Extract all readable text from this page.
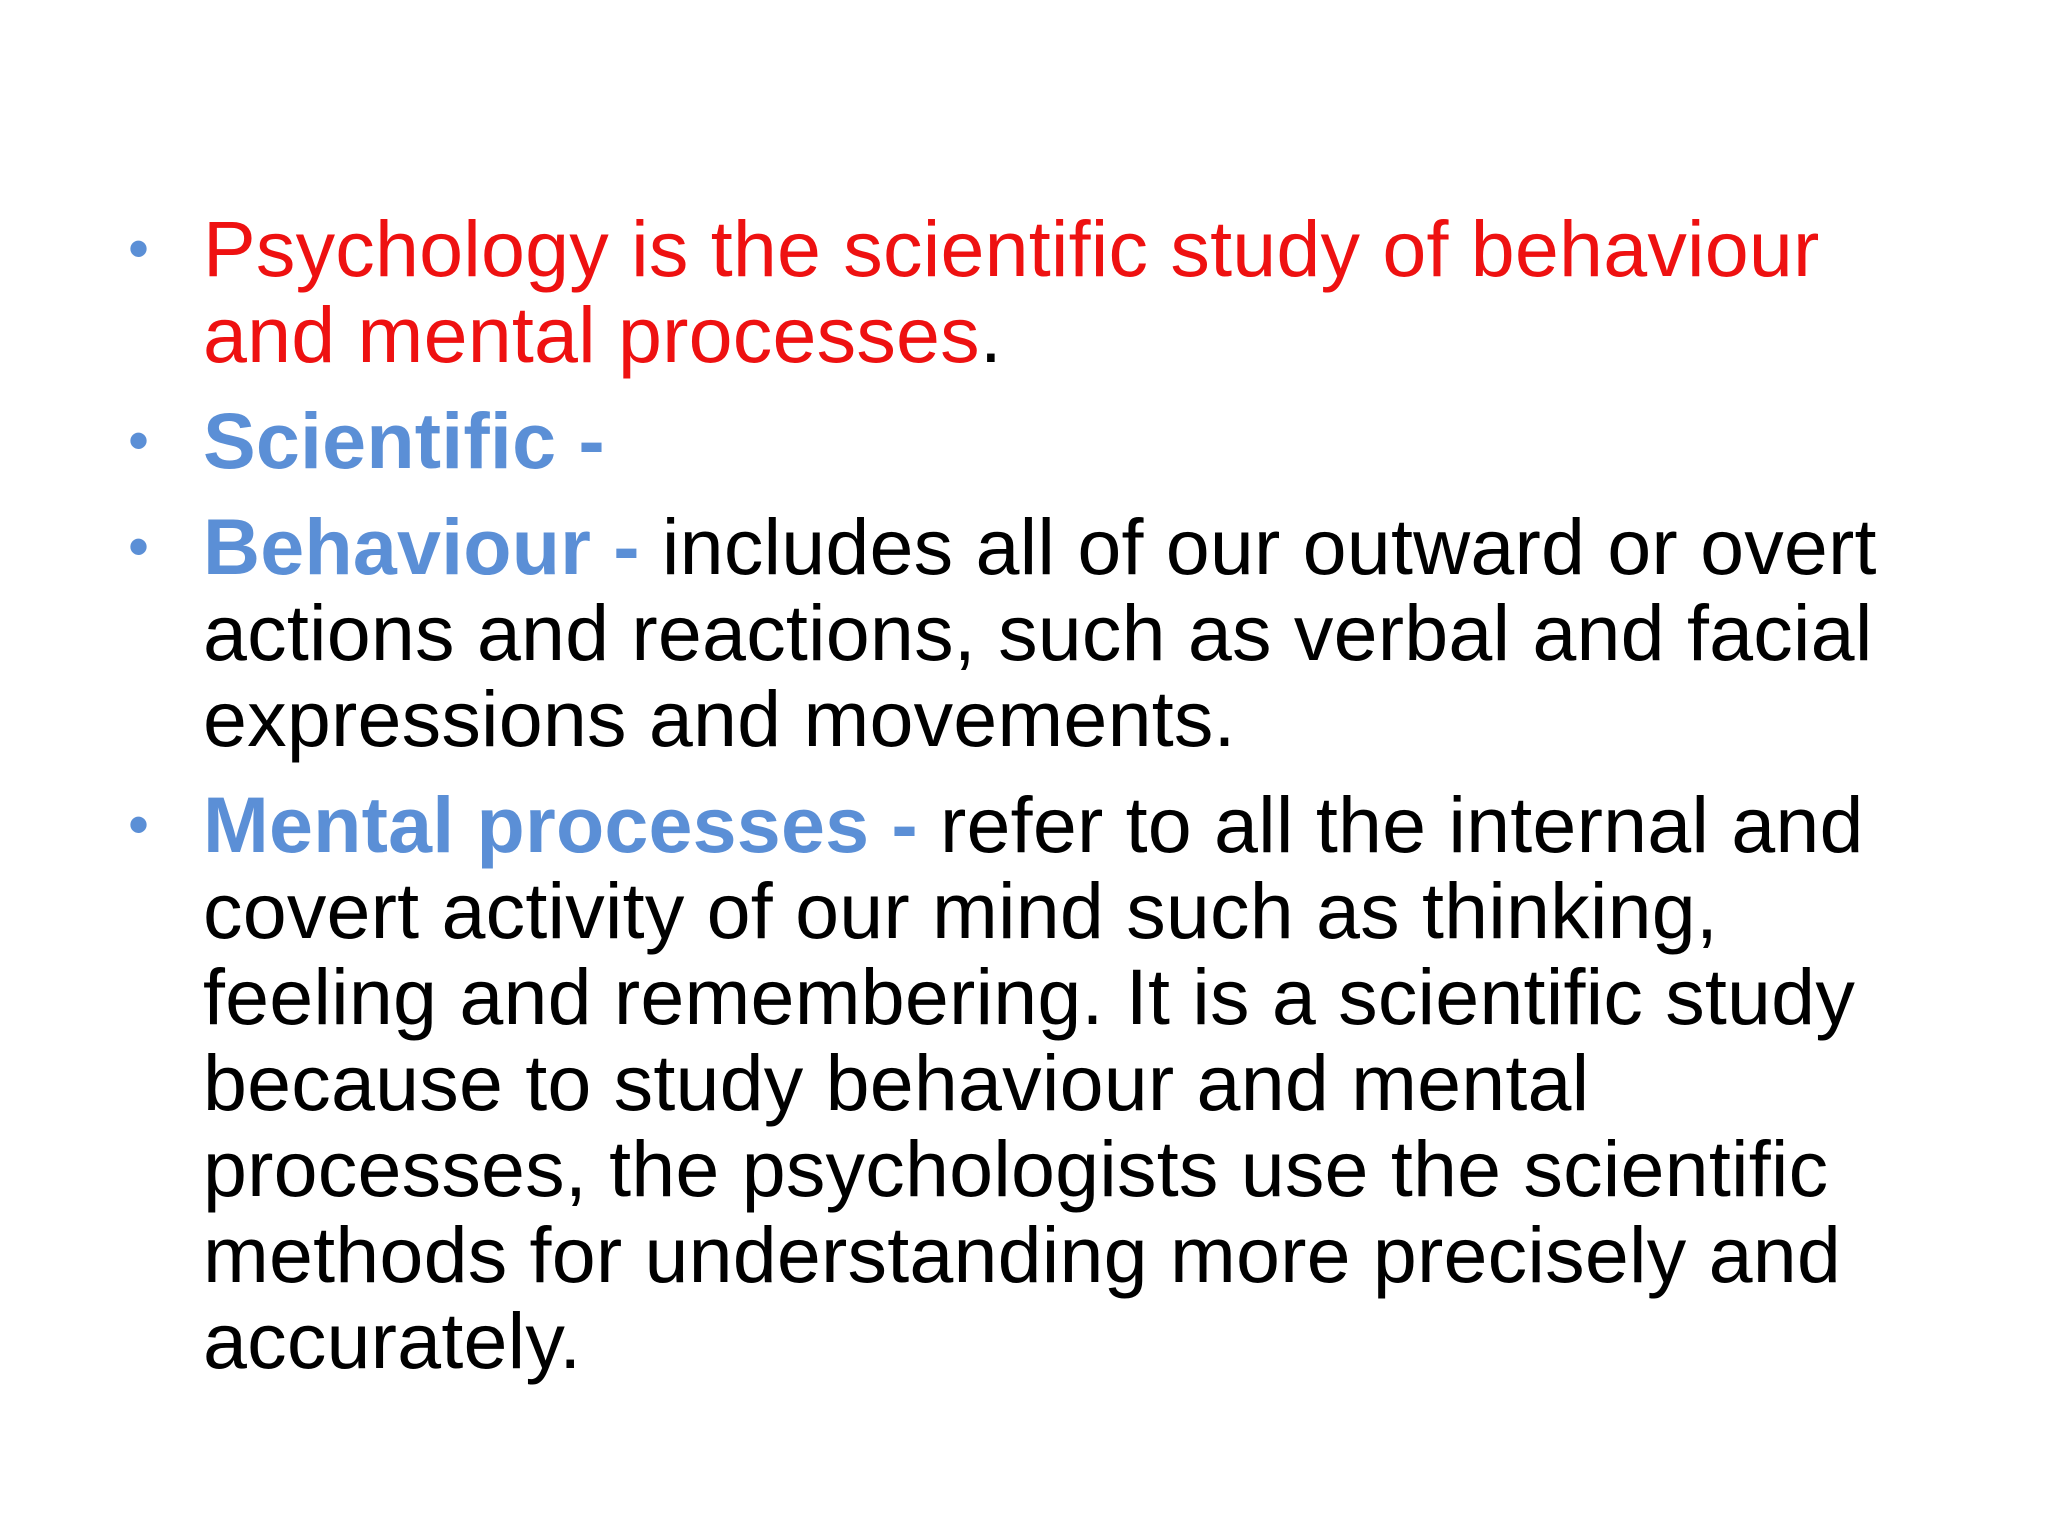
• Psychology is the scientific study of behaviour and mental processes.
• Scientific -
• Behaviour - includes all of our outward or overt actions and reactions, such as verbal and facial expressions and movements.
• Mental processes - refer to all the internal and covert activity of our mind such as thinking, feeling and remembering. It is a scientific study because to study behaviour and mental processes, the psychologists use the scientific methods for understanding more precisely and accurately.
